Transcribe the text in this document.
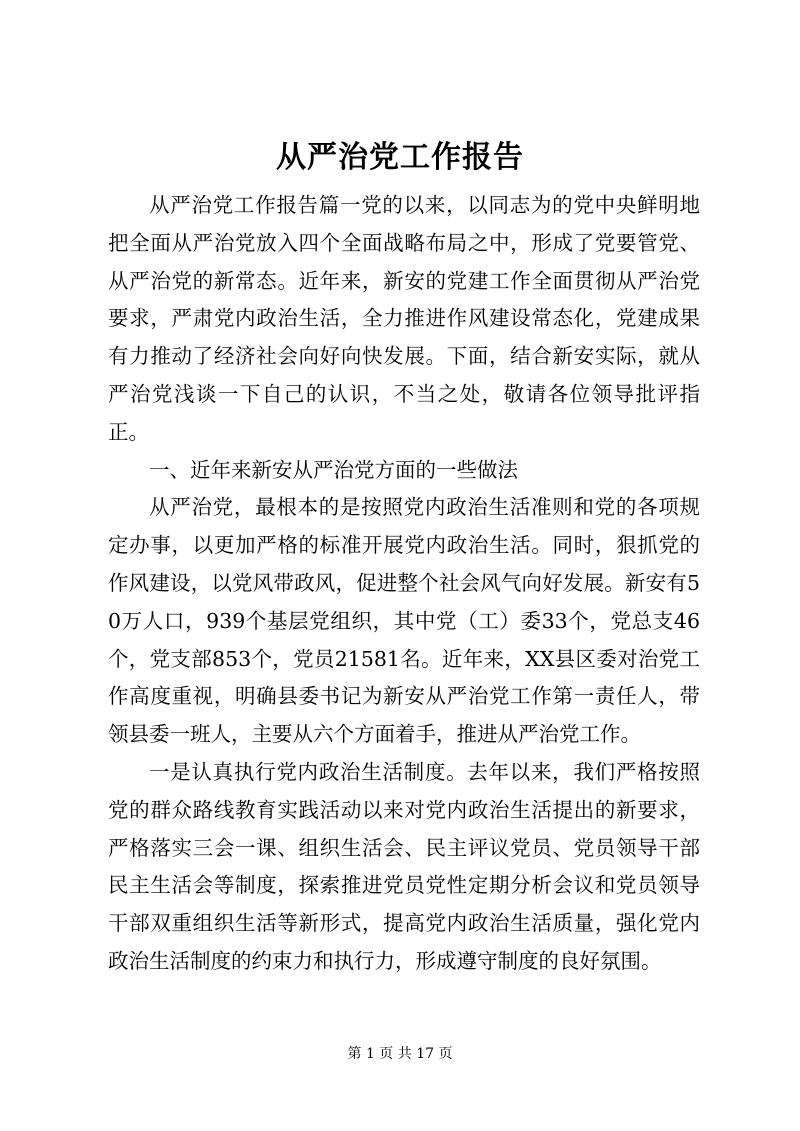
从严治党工作报告

从严治党工作报告篇一党的以来，以同志为的党中央鲜明地把全面从严治党放入四个全面战略布局之中，形成了党要管党、从严治党的新常态。近年来，新安的党建工作全面贯彻从严治党要求，严肃党内政治生活，全力推进作风建设常态化，党建成果有力推动了经济社会向好向快发展。下面，结合新安实际，就从严治党浅谈一下自己的认识，不当之处，敬请各位领导批评指正。

一、近年来新安从严治党方面的一些做法

从严治党，最根本的是按照党内政治生活准则和党的各项规定办事，以更加严格的标准开展党内政治生活。同时，狠抓党的作风建设，以党风带政风，促进整个社会风气向好发展。新安有50万人口，939个基层党组织，其中党（工）委33个，党总支46个，党支部853个，党员21581名。近年来，XX县区委对治党工作高度重视，明确县委书记为新安从严治党工作第一责任人，带领县委一班人，主要从六个方面着手，推进从严治党工作。

一是认真执行党内政治生活制度。去年以来，我们严格按照党的群众路线教育实践活动以来对党内政治生活提出的新要求，严格落实三会一课、组织生活会、民主评议党员、党员领导干部民主生活会等制度，探索推进党员党性定期分析会议和党员领导干部双重组织生活等新形式，提高党内政治生活质量，强化党内政治生活制度的约束力和执行力，形成遵守制度的良好氛围。

第 1 页 共 17 页
